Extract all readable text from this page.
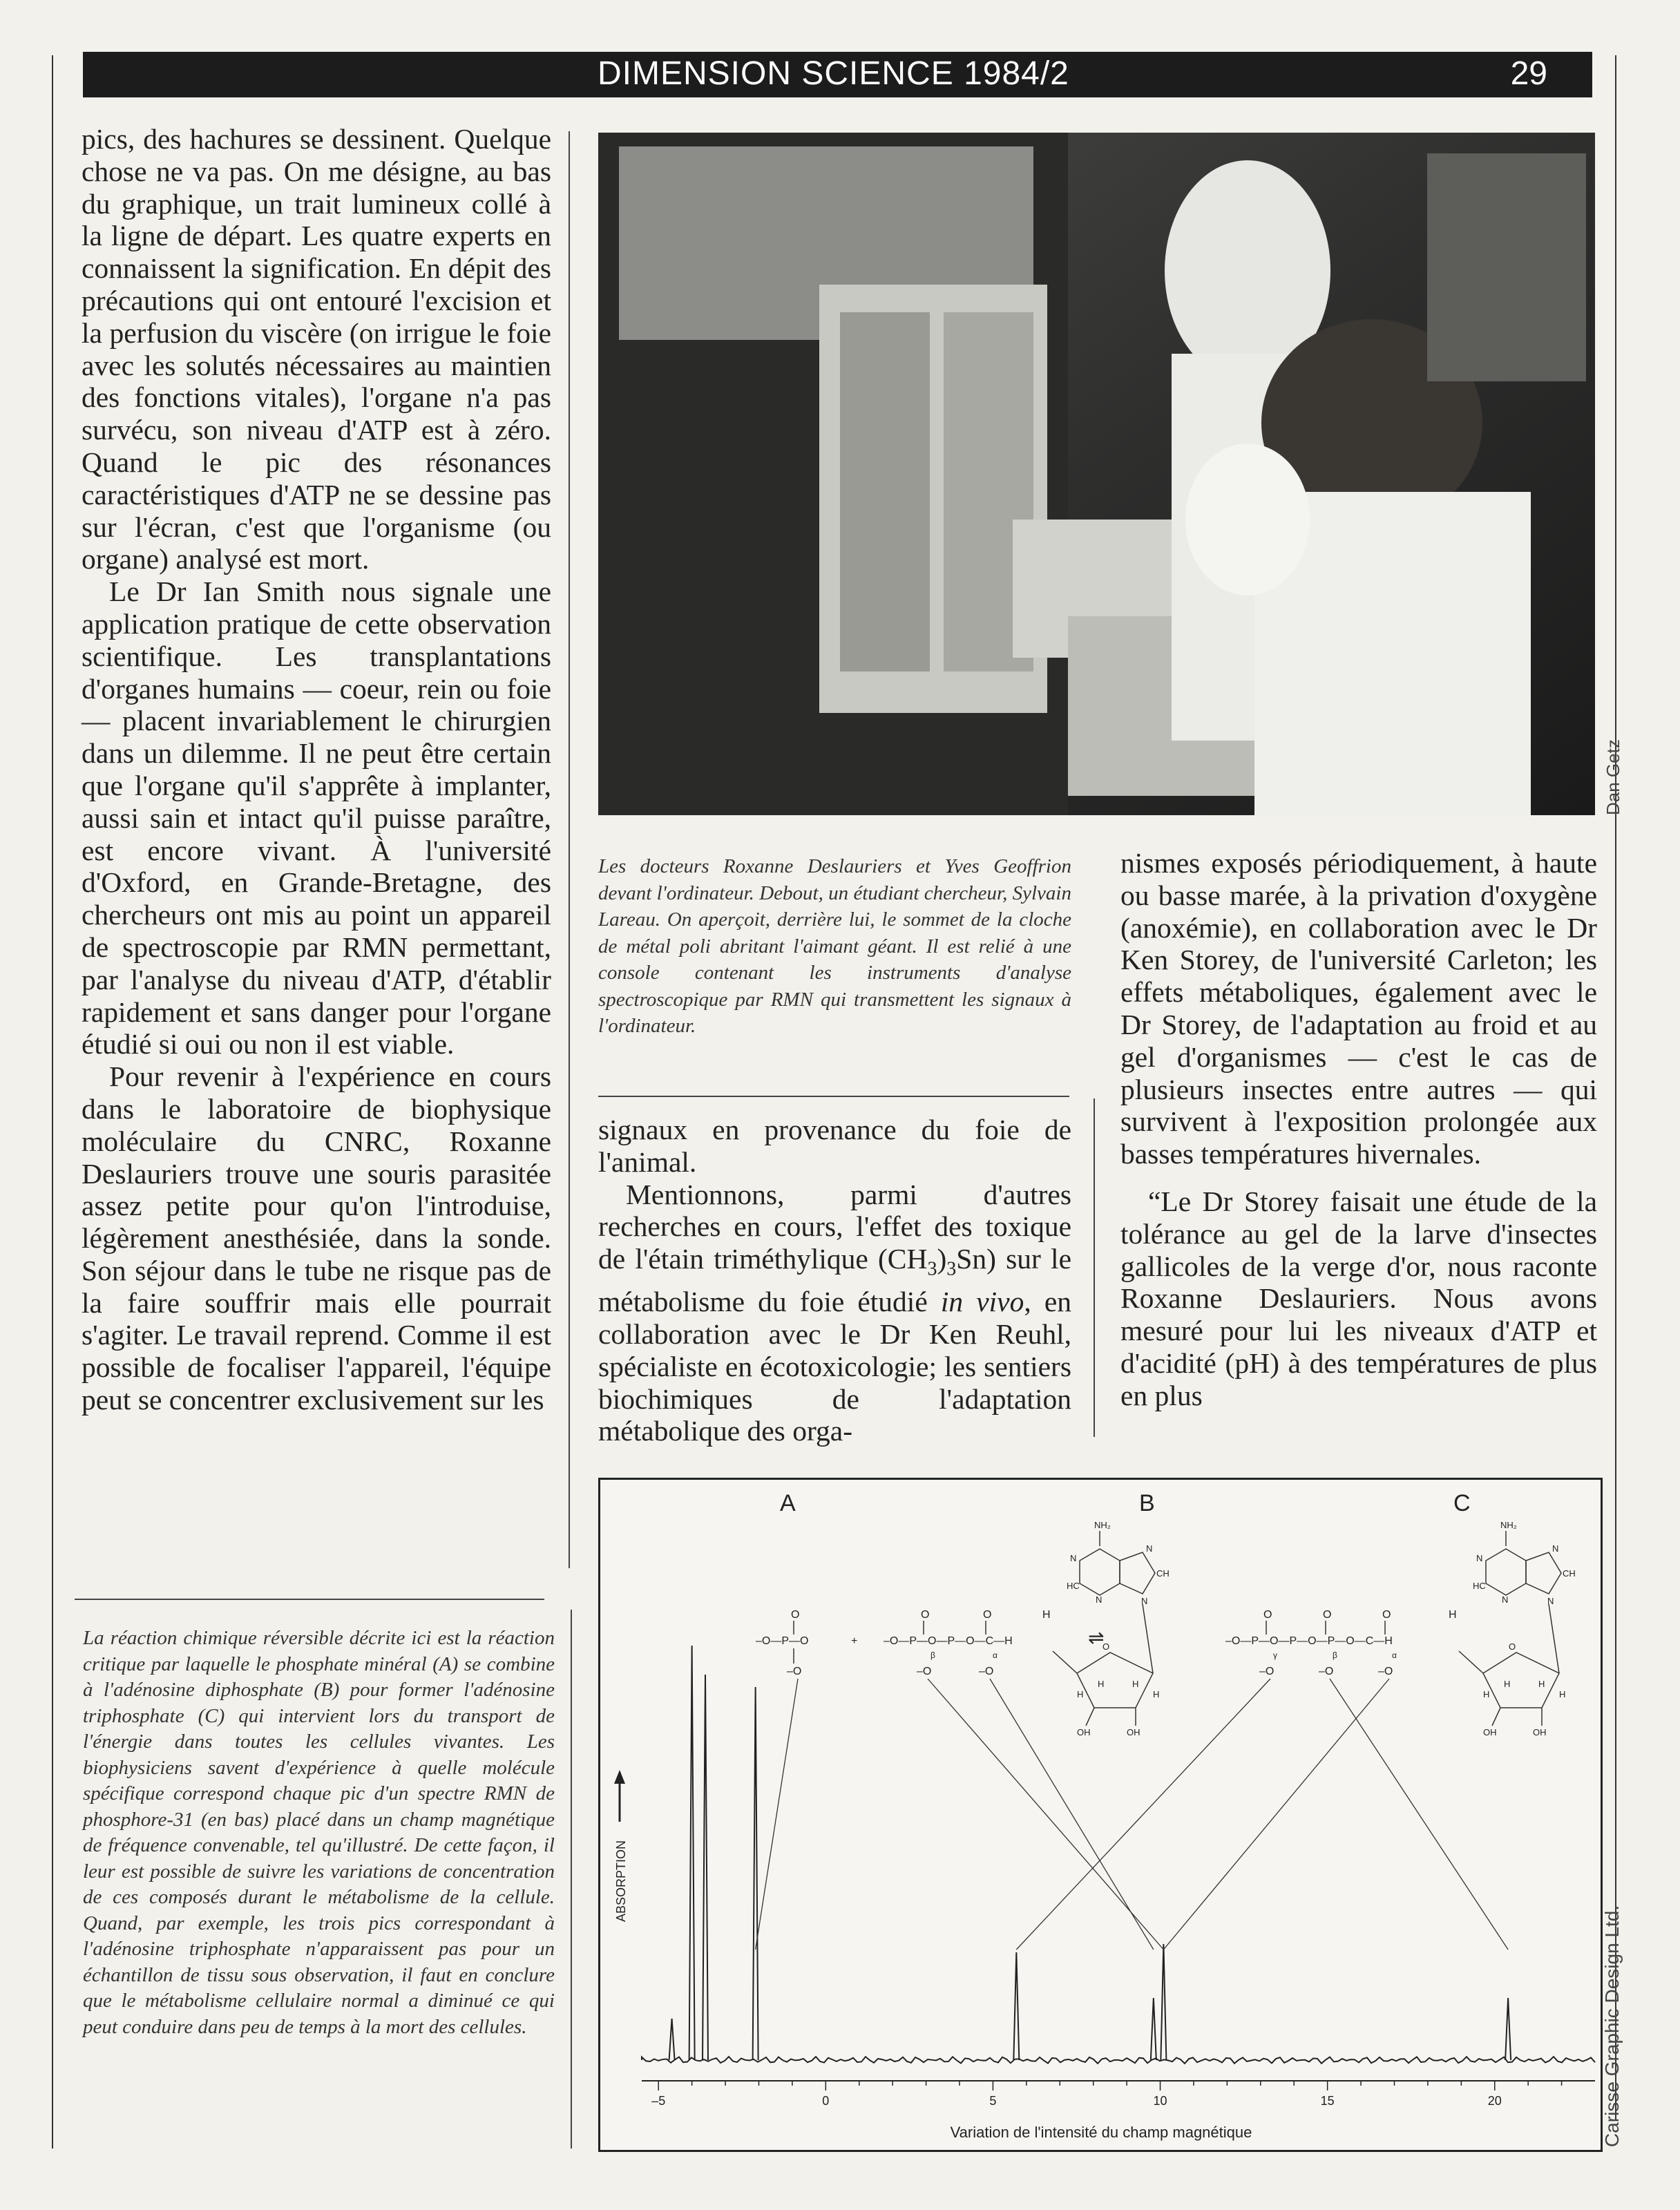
DIMENSION SCIENCE 1984/2	29

pics, des hachures se dessinent. Quelque chose ne va pas. On me désigne, au bas du graphique, un trait lumineux collé à la ligne de départ. Les quatre experts en connaissent la signification. En dépit des précautions qui ont entouré l'excision et la perfusion du viscère (on irrigue le foie avec les solutés nécessaires au maintien des fonctions vitales), l'organe n'a pas survécu, son niveau d'ATP est à zéro. Quand le pic des résonances caractéristiques d'ATP ne se dessine pas sur l'écran, c'est que l'organisme (ou organe) analysé est mort.

Le Dr Ian Smith nous signale une application pratique de cette observation scientifique. Les transplantations d'organes humains — coeur, rein ou foie — placent invariablement le chirurgien dans un dilemme. Il ne peut être certain que l'organe qu'il s'apprête à implanter, aussi sain et intact qu'il puisse paraître, est encore vivant. À l'université d'Oxford, en Grande-Bretagne, des chercheurs ont mis au point un appareil de spectroscopie par RMN permettant, par l'analyse du niveau d'ATP, d'établir rapidement et sans danger pour l'organe étudié si oui ou non il est viable.

Pour revenir à l'expérience en cours dans le laboratoire de biophysique moléculaire du CNRC, Roxanne Deslauriers trouve une souris parasitée assez petite pour qu'on l'introduise, légèrement anesthésiée, dans la sonde. Son séjour dans le tube ne risque pas de la faire souffrir mais elle pourrait s'agiter. Le travail reprend. Comme il est possible de focaliser l'appareil, l'équipe peut se concentrer exclusivement sur les

La réaction chimique réversible décrite ici est la réaction critique par laquelle le phosphate minéral (A) se combine à l'adénosine diphosphate (B) pour former l'adénosine triphosphate (C) qui intervient lors du transport de l'énergie dans toutes les cellules vivantes. Les biophysiciens savent d'expérience à quelle molécule spécifique correspond chaque pic d'un spectre RMN de phosphore-31 (en bas) placé dans un champ magnétique de fréquence convenable, tel qu'illustré. De cette façon, il leur est possible de suivre les variations de concentration de ces composés durant le métabolisme de la cellule. Quand, par exemple, les trois pics correspondant à l'adénosine triphosphate n'apparaissent pas pour un échantillon de tissu sous observation, il faut en conclure que le métabolisme cellulaire normal a diminué ce qui peut conduire dans peu de temps à la mort des cellules.
Dan Getz
Les docteurs Roxanne Deslauriers et Yves Geoffrion devant l'ordinateur. Debout, un étudiant chercheur, Sylvain Lareau. On aperçoit, derrière lui, le sommet de la cloche de métal poli abritant l'aimant géant. Il est relié à une console contenant les instruments d'analyse spectroscopique par RMN qui transmettent les signaux à l'ordinateur.

signaux en provenance du foie de l'animal.

Mentionnons, parmi d'autres recherches en cours, l'effet des toxique de l'étain triméthylique $(CH_3)_3Sn$) sur le métabolisme du foie étudié in vivo, en collaboration avec le Dr Ken Reuhl, spécialiste en écotoxicologie; les sentiers biochimiques de l'adaptation métabolique des orga-

nismes exposés périodiquement, à haute ou basse marée, à la privation d'oxygène (anoxémie), en collaboration avec le Dr Ken Storey, de l'université Carleton; les effets métaboliques, également avec le Dr Storey, de l'adaptation au froid et au gel d'organismes — c'est le cas de plusieurs insectes entre autres — qui survivent à l'exposition prolongée aux basses températures hivernales.

“Le Dr Storey faisait une étude de la tolérance au gel de la larve d'insectes gallicoles de la verge d'or, nous raconte Roxanne Deslauriers. Nous avons mesuré pour lui les niveaux d'ATP et d'acidité (pH) à des températures de plus en plus

A	B	C
O
–O—P—O
–O
+
O	O
–O—P—O—P—O—C—H
–O	–O
H
β	α
⇌
NH₂
N
N
CH
HC
N
N
O
H	H
H	H
OH	OH
O	O	O
–O—P—O—P—O—P—O—C—H
–O	–O	–O
γ	β	α
H
NH₂
N
N
CH
HC
N
N
O
H	H
H	H
OH	OH
ABSORPTION
–5	0	5	10	15	20
Variation de l'intensité du champ magnétique	Carisse Graphic Design Ltd.
